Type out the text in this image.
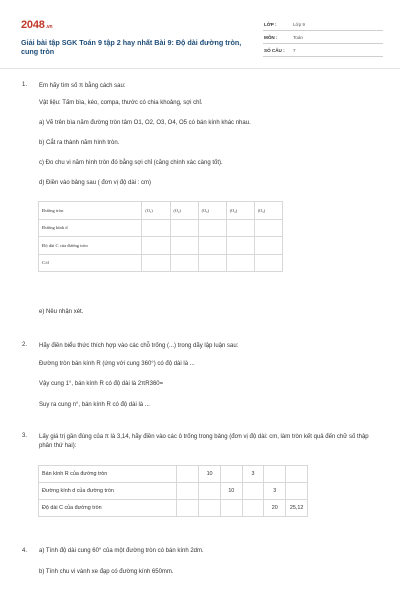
2048.vn
Giải bài tập SGK Toán 9 tập 2 hay nhất Bài 9: Độ dài đường tròn, cung tròn
LỚP :	Lớp 9
MÔN :	Toán
SỐ CÂU : 7
1. Em hãy tìm số π bằng cách sau:
Vật liệu: Tấm bìa, kéo, compa, thước có chia khoảng, sợi chỉ.
a) Vẽ trên bìa năm đường tròn tâm O1, O2, O3, O4, O5 có bán kính khác nhau.
b) Cắt ra thành năm hình tròn.
c) Đo chu vi năm hình tròn đó bằng sợi chỉ (căng chính xác càng tốt).
d) Điền vào bảng sau ( đơn vị độ dài : cm)
Đường tròn	(O₁)	(O₂)	(O₃)	(O₄)	(O₅)
Đường kính d					
Độ dài C của đường tròn					
C/d					
e) Nêu nhận xét.
2. Hãy điền biểu thức thích hợp vào các chỗ trống (...) trong dãy lập luận sau:
Đường tròn bán kính R (ứng với cung 360°) có độ dài là ...
Vậy cung 1°, bán kính R có độ dài là 2πR360=
Suy ra cung n°, bán kính R có độ dài là ...
3. Lấy giá trị gần đúng của π là 3,14, hãy điền vào các ô trống trong bảng (đơn vị độ dài: cm, làm tròn kết quả đến chữ số thập phân thứ hai):
Bán kính R của đường tròn		10		3		
Đường kính d của đường tròn			10		3	
Độ dài C của đường tròn					20	25,12
4. a) Tính độ dài cung 60° của một đường tròn có bán kính 2dm.
b) Tính chu vi vành xe đạp có đường kính 650mm.
